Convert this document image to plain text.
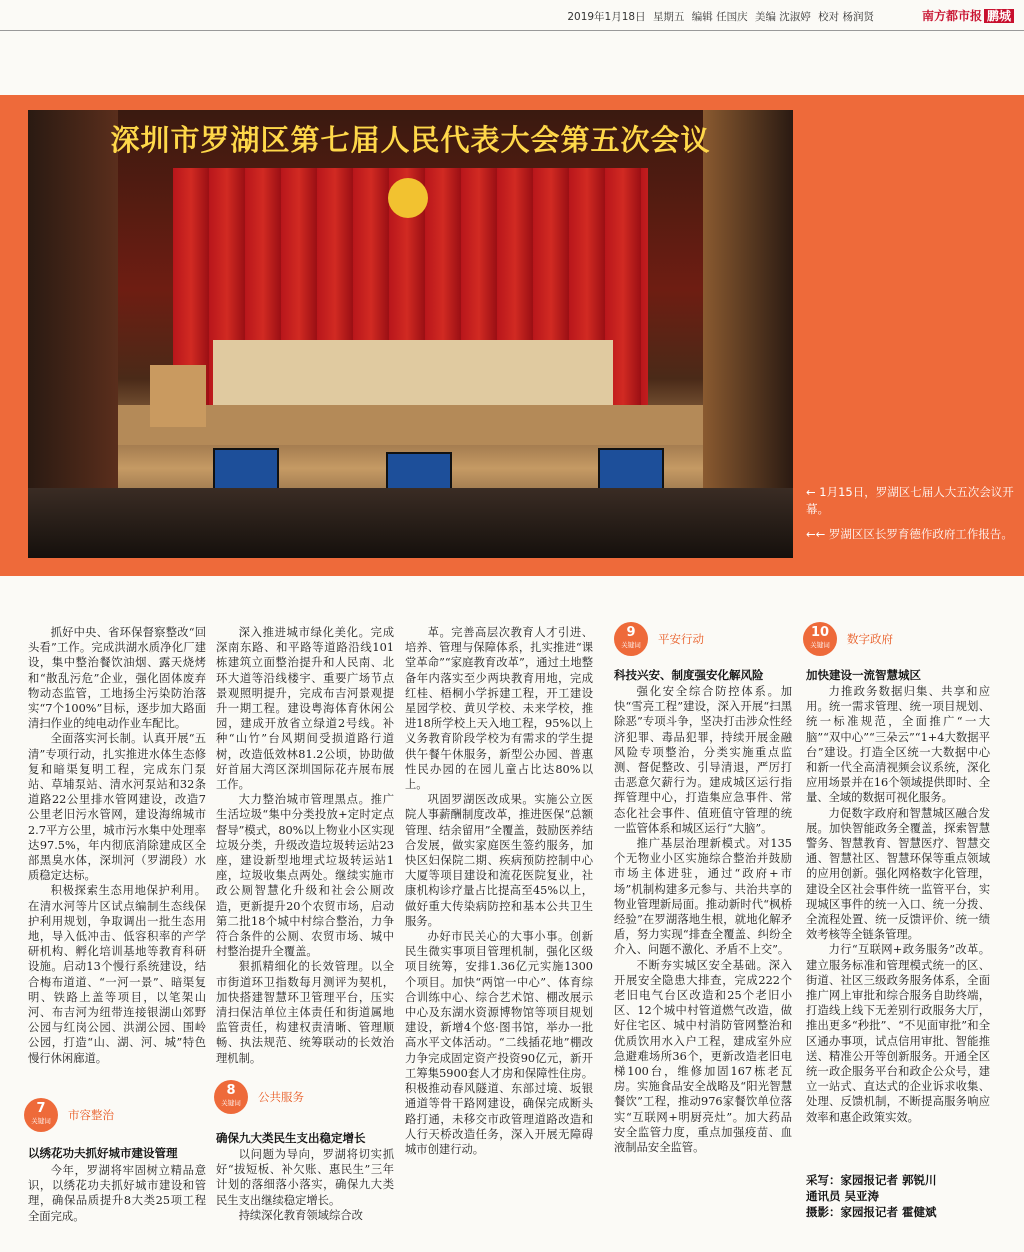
2019年1月18日 星期五 编辑 任国庆 美编 沈淑婷 校对 杨润贤	南方都市报 鹏城
深圳市罗湖区第七届人民代表大会第五次会议
← 1月15日，罗湖区七届人大五次会议开幕。
←← 罗湖区区长罗育德作政府工作报告。

抓好中央、省环保督察整改“回头看”工作。完成洪湖水质净化厂建设，集中整治餐饮油烟、露天烧烤和“散乱污危”企业，强化固体废弃物动态监管，工地扬尘污染防治落实“7个100%”目标，逐步加大路面清扫作业的纯电动作业车配比。

全面落实河长制。认真开展“五清”专项行动，扎实推进水体生态修复和暗渠复明工程，完成东门泵站、草埔泵站、清水河泵站和32条道路22公里排水管网建设，改造7公里老旧污水管网，建设海绵城市2.7平方公里，城市污水集中处理率达97.5%，年内彻底消除建成区全部黑臭水体，深圳河（罗湖段）水质稳定达标。

积极探索生态用地保护利用。在清水河等片区试点编制生态线保护利用规划，争取调出一批生态用地，导入低冲击、低容积率的产学研机构、孵化培训基地等教育科研设施。启动13个慢行系统建设，结合梅布道道、“一河一景”、暗渠复明、铁路上盖等项目，以笔架山河、布吉河为纽带连接银湖山郊野公园与红岗公园、洪湖公园、围岭公园，打造“山、湖、河、城”特色慢行休闲廊道。

7
关键词	市容整治
以绣花功夫抓好城市建设管理

今年，罗湖将牢固树立精品意识，以绣花功夫抓好城市建设和管理，确保品质提升8大类25项工程全面完成。

深入推进城市绿化美化。完成深南东路、和平路等道路沿线101栋建筑立面整治提升和人民南、北环大道等沿线楼宇、重要广场节点景观照明提升，完成布吉河景观提升一期工程。建设粤海体育休闲公园，建成开放省立绿道2号线。补种“山竹”台风期间受损道路行道树，改造低效林81.2公顷，协助做好首届大湾区深圳国际花卉展布展工作。

大力整治城市管理黑点。推广生活垃圾“集中分类投放+定时定点督导”模式，80%以上物业小区实现垃圾分类，升级改造垃圾转运站23座，建设新型地埋式垃圾转运站1座，垃圾收集点两处。继续实施市政公厕智慧化升级和社会公厕改造，更新提升20个农贸市场，启动第二批18个城中村综合整治，力争符合条件的公厕、农贸市场、城中村整治提升全覆盖。

狠抓精细化的长效管理。以全市街道环卫指数每月测评为契机，加快搭建智慧环卫管理平台，压实清扫保洁单位主体责任和街道属地监管责任，构建权责清晰、管理顺畅、执法规范、统筹联动的长效治理机制。

8
关键词	公共服务
确保九大类民生支出稳定增长

以问题为导向，罗湖将切实抓好“拔短板、补欠账、惠民生”三年计划的落细落小落实，确保九大类民生支出继续稳定增长。

持续深化教育领域综合改

革。完善高层次教育人才引进、培养、管理与保障体系，扎实推进“课堂革命”“家庭教育改革”，通过土地整备年内落实至少两块教育用地，完成红桂、梧桐小学拆建工程，开工建设星园学校、黄贝学校、未来学校，推进18所学校上天入地工程，95%以上义务教育阶段学校为有需求的学生提供午餐午休服务，新型公办园、普惠性民办园的在园儿童占比达80%以上。

巩固罗湖医改成果。实施公立医院人事薪酬制度改革，推进医保“总额管理、结余留用”全覆盖，鼓励医养结合发展，做实家庭医生签约服务，加快区妇保院二期、疾病预防控制中心大厦等项目建设和流花医院复业，社康机构诊疗量占比提高至45%以上，做好重大传染病防控和基本公共卫生服务。

办好市民关心的大事小事。创新民生微实事项目管理机制，强化区级项目统筹，安排1.36亿元实施1300个项目。加快“两馆一中心”、体育综合训练中心、综合艺术馆、棚改展示中心及东湖水资源博物馆等项目规划建设，新增4个悠·图书馆，举办一批高水平文体活动。“二线插花地”棚改力争完成固定资产投资90亿元，新开工筹集5900套人才房和保障性住房。积极推动春风隧道、东部过境、坂银通道等骨干路网建设，确保完成断头路打通，未移交市政管理道路改造和人行天桥改造任务，深入开展无障碍城市创建行动。

9
关键词	平安行动
科技兴安、制度强安化解风险

强化安全综合防控体系。加快“雪亮工程”建设，深入开展“扫黑除恶”专项斗争，坚决打击涉众性经济犯罪、毒品犯罪，持续开展金融风险专项整治，分类实施重点监测、督促整改、引导清退，严厉打击恶意欠薪行为。建成城区运行指挥管理中心，打造集应急事件、常态化社会事件、值班值守管理的统一监管体系和城区运行“大脑”。

推广基层治理新模式。对135个无物业小区实施综合整治并鼓励市场主体进驻，通过“政府+市场”机制构建多元参与、共治共享的物业管理新局面。推动新时代“枫桥经验”在罗湖落地生根，就地化解矛盾，努力实现“排查全覆盖、纠纷全介入、问题不激化、矛盾不上交”。

不断夯实城区安全基础。深入开展安全隐患大排查，完成222个老旧电气台区改造和25个老旧小区、12个城中村管道燃气改造，做好住宅区、城中村消防管网整治和优质饮用水入户工程，建成室外应急避难场所36个，更新改造老旧电梯100台，维修加固167栋老瓦房。实施食品安全战略及“阳光智慧餐饮”工程，推动976家餐饮单位落实“互联网+明厨亮灶”。加大药品安全监管力度，重点加强疫苗、血液制品安全监管。

10
关键词	数字政府
加快建设一流智慧城区

力推政务数据归集、共享和应用。统一需求管理、统一项目规划、统一标准规范，全面推广“一大脑”“双中心”“三朵云”“1+4大数据平台”建设。打造全区统一大数据中心和新一代全高清视频会议系统，深化应用场景并在16个领域提供即时、全量、全域的数据可视化服务。

力促数字政府和智慧城区融合发展。加快智能政务全覆盖，探索智慧警务、智慧教育、智慧医疗、智慧交通、智慧社区、智慧环保等重点领域的应用创新。强化网格数字化管理，建设全区社会事件统一监管平台，实现城区事件的统一入口、统一分拨、全流程处置、统一反馈评价、统一绩效考核等全链条管理。

力行“互联网+政务服务”改革。建立服务标准和管理模式统一的区、街道、社区三级政务服务体系，全面推广网上审批和综合服务自助终端，打造线上线下无差别行政服务大厅，推出更多“秒批”、“不见面审批”和全区通办事项，试点信用审批、智能推送、精准公开等创新服务。开通全区统一政企服务平台和政企公众号，建立一站式、直达式的企业诉求收集、处理、反馈机制，不断提高服务响应效率和惠企政策实效。

采写：家园报记者 郭锐川
通讯员 吴亚涛
摄影：家园报记者 霍健斌
